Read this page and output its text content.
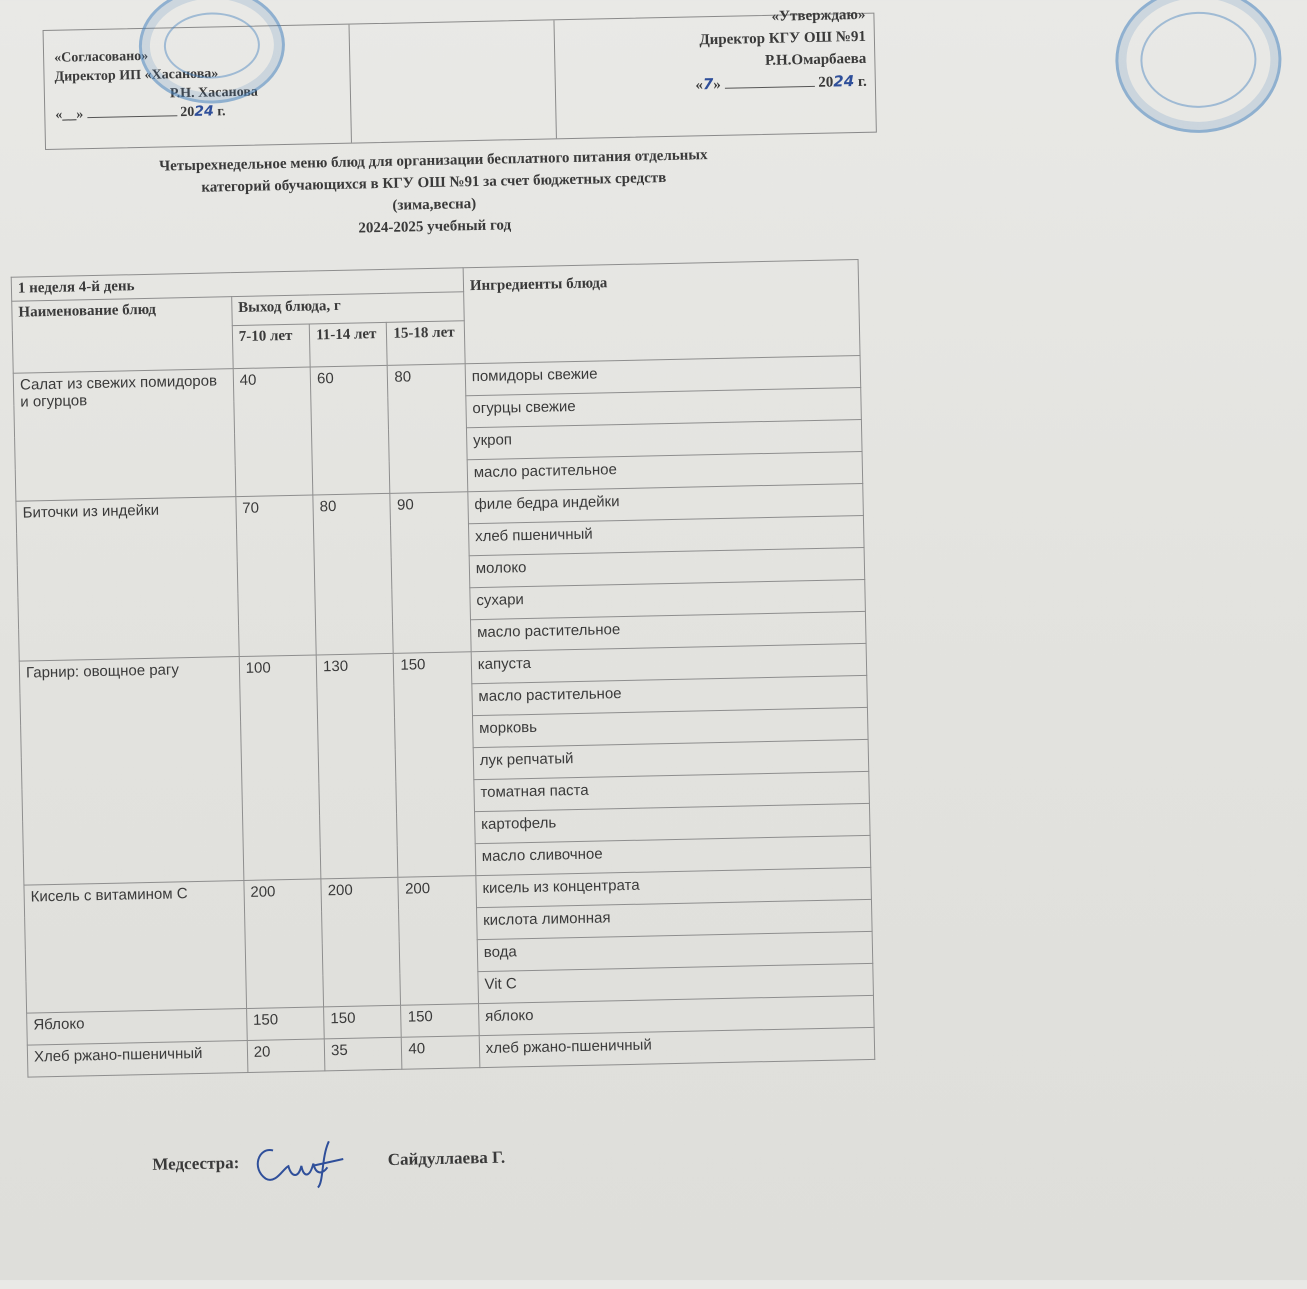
«Согласовано»
Директор ИП «Хасанова»
Р.Н. Хасанова
«__»	2024 г.
«Утверждаю»
Директор КГУ ОШ №91
Р.Н.Омарбаева
«7»	2024 г.
Четырехнедельное меню блюд для организации бесплатного питания отдельных
категорий обучающихся в КГУ ОШ №91 за счет бюджетных средств
(зима,весна)
2024-2025 учебный год
1 неделя 4-й день				Ингредиенты блюда
Наименование блюд	Выход блюда, г			
	7-10 лет	11-14 лет	15-18 лет	
Салат из свежих помидоров и огурцов	40	60	80	помидоры свежие
				огурцы свежие
				укроп
				масло растительное
Биточки из индейки	70	80	90	филе бедра индейки
				хлеб пшеничный
				молоко
				сухари
				масло растительное
Гарнир: овощное рагу	100	130	150	капуста
				масло растительное
				морковь
				лук репчатый
				томатная паста
				картофель
				масло сливочное
Кисель с витамином С	200	200	200	кисель из концентрата
				кислота лимонная
				вода
				Vit C
Яблоко	150	150	150	яблоко
Хлеб ржано-пшеничный	20	35	40	хлеб ржано-пшеничный
Медсестра:	Сайдуллаева Г.
